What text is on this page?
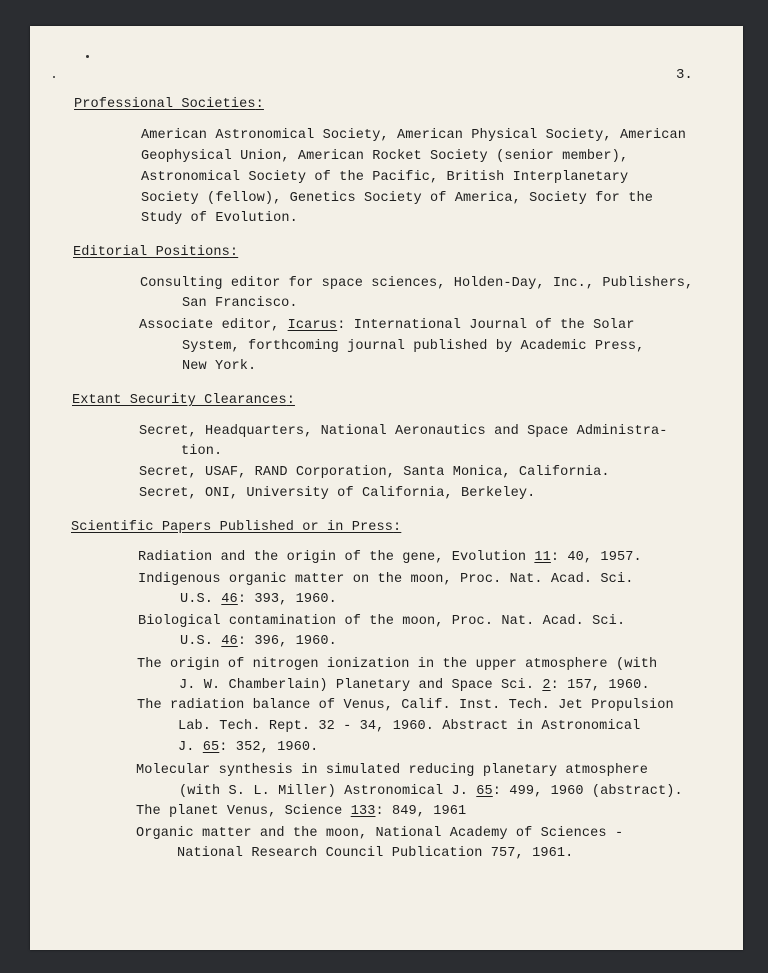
3.
Professional Societies:
American Astronomical Society, American Physical Society, American
Geophysical Union, American Rocket Society (senior member),
Astronomical Society of the Pacific, British Interplanetary
Society (fellow), Genetics Society of America, Society for the
Study of Evolution.
Editorial Positions:
Consulting editor for space sciences, Holden-Day, Inc., Publishers,
San Francisco.
Associate editor, Icarus: International Journal of the Solar
System, forthcoming journal published by Academic Press,
New York.
Extant Security Clearances:
Secret, Headquarters, National Aeronautics and Space Administra-
tion.
Secret, USAF, RAND Corporation, Santa Monica, California.
Secret, ONI, University of California, Berkeley.
Scientific Papers Published or in Press:
Radiation and the origin of the gene, Evolution 11: 40, 1957.
Indigenous organic matter on the moon, Proc. Nat. Acad. Sci.
U.S. 46: 393, 1960.
Biological contamination of the moon, Proc. Nat. Acad. Sci.
U.S. 46: 396, 1960.
The origin of nitrogen ionization in the upper atmosphere (with
J. W. Chamberlain) Planetary and Space Sci. 2: 157, 1960.
The radiation balance of Venus, Calif. Inst. Tech. Jet Propulsion
Lab. Tech. Rept. 32 - 34, 1960. Abstract in Astronomical
J. 65: 352, 1960.
Molecular synthesis in simulated reducing planetary atmosphere
(with S. L. Miller) Astronomical J. 65: 499, 1960 (abstract).
The planet Venus, Science 133: 849, 1961
Organic matter and the moon, National Academy of Sciences -
National Research Council Publication 757, 1961.
